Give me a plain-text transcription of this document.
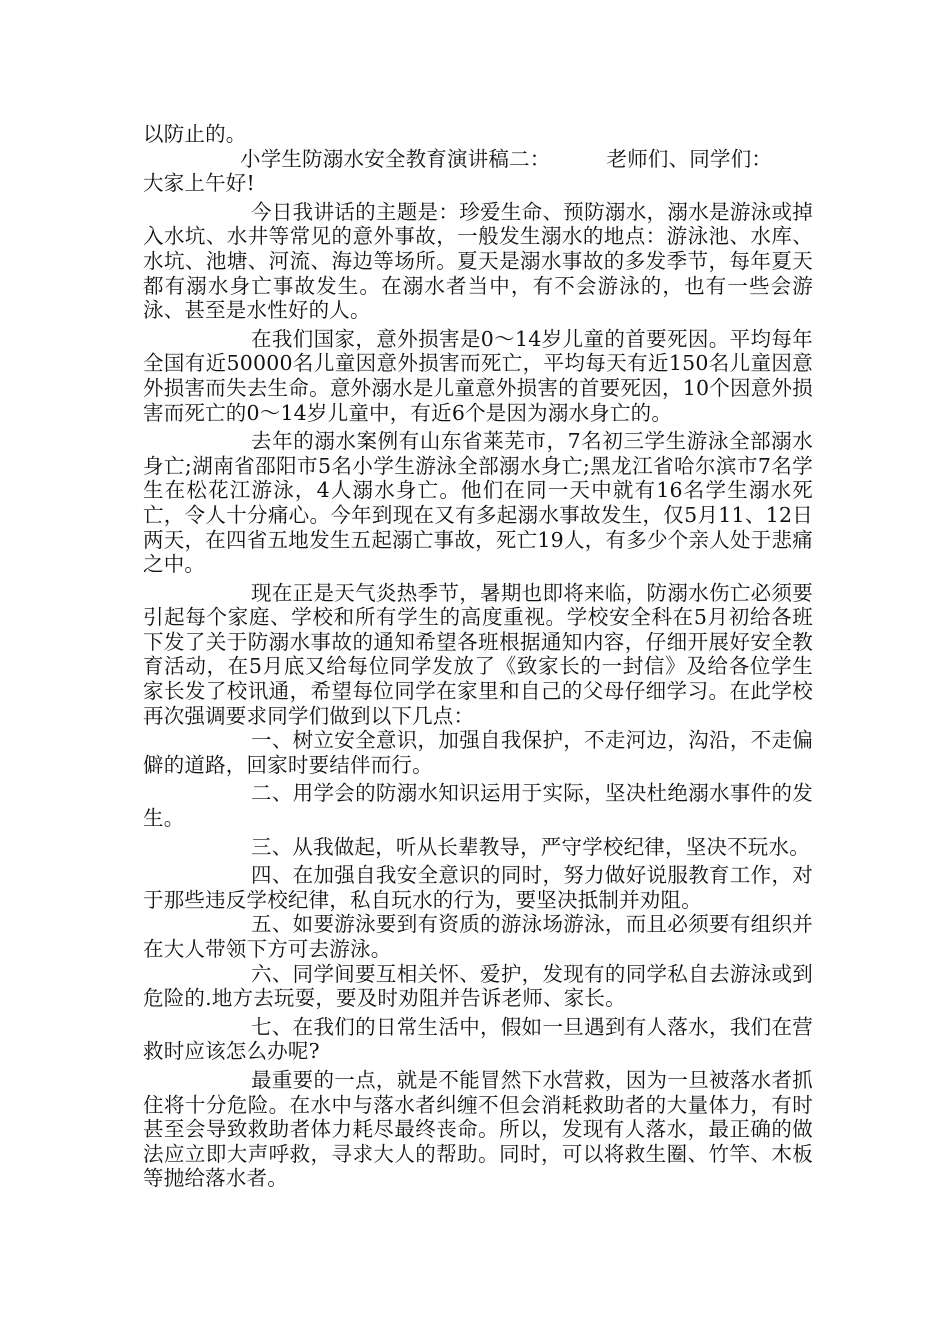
以防止的。

小学生防溺水安全教育演讲稿二：	老师们、同学们：

大家上午好!

今日我讲话的主题是：珍爱生命、预防溺水，溺水是游泳或掉入水坑、水井等常见的意外事故，一般发生溺水的地点：游泳池、水库、水坑、池塘、河流、海边等场所。夏天是溺水事故的多发季节，每年夏天都有溺水身亡事故发生。在溺水者当中，有不会游泳的，也有一些会游泳、甚至是水性好的人。

在我们国家，意外损害是0～14岁儿童的首要死因。平均每年全国有近50000名儿童因意外损害而死亡，平均每天有近150名儿童因意外损害而失去生命。意外溺水是儿童意外损害的首要死因，10个因意外损害而死亡的0～14岁儿童中，有近6个是因为溺水身亡的。

去年的溺水案例有山东省莱芜市，7名初三学生游泳全部溺水身亡;湖南省邵阳市5名小学生游泳全部溺水身亡;黑龙江省哈尔滨市7名学生在松花江游泳，4人溺水身亡。他们在同一天中就有16名学生溺水死亡，令人十分痛心。今年到现在又有多起溺水事故发生，仅5月11、12日两天，在四省五地发生五起溺亡事故，死亡19人，有多少个亲人处于悲痛之中。

现在正是天气炎热季节，暑期也即将来临，防溺水伤亡必须要引起每个家庭、学校和所有学生的高度重视。学校安全科在5月初给各班下发了关于防溺水事故的通知希望各班根据通知内容，仔细开展好安全教育活动，在5月底又给每位同学发放了《致家长的一封信》及给各位学生家长发了校讯通，希望每位同学在家里和自己的父母仔细学习。在此学校再次强调要求同学们做到以下几点：

一、树立安全意识，加强自我保护，不走河边，沟沿，不走偏僻的道路，回家时要结伴而行。

二、用学会的防溺水知识运用于实际，坚决杜绝溺水事件的发生。

三、从我做起，听从长辈教导，严守学校纪律，坚决不玩水。

四、在加强自我安全意识的同时，努力做好说服教育工作，对于那些违反学校纪律，私自玩水的行为，要坚决抵制并劝阻。

五、如要游泳要到有资质的游泳场游泳，而且必须要有组织并在大人带领下方可去游泳。

六、同学间要互相关怀、爱护，发现有的同学私自去游泳或到危险的.地方去玩耍，要及时劝阻并告诉老师、家长。

七、在我们的日常生活中，假如一旦遇到有人落水，我们在营救时应该怎么办呢?

最重要的一点，就是不能冒然下水营救，因为一旦被落水者抓住将十分危险。在水中与落水者纠缠不但会消耗救助者的大量体力，有时甚至会导致救助者体力耗尽最终丧命。所以，发现有人落水，最正确的做法应立即大声呼救，寻求大人的帮助。同时，可以将救生圈、竹竿、木板等抛给落水者。
